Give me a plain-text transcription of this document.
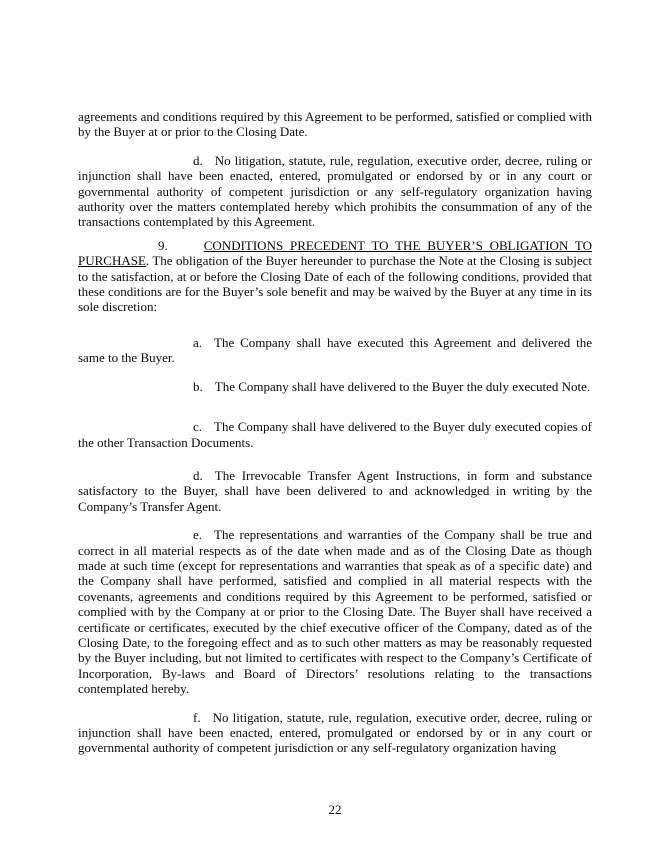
agreements and conditions required by this Agreement to be performed, satisfied or complied with by the Buyer at or prior to the Closing Date.

d. No litigation, statute, rule, regulation, executive order, decree, ruling or injunction shall have been enacted, entered, promulgated or endorsed by or in any court or governmental authority of competent jurisdiction or any self-regulatory organization having authority over the matters contemplated hereby which prohibits the consummation of any of the transactions contemplated by this Agreement.

9.	CONDITIONS PRECEDENT TO THE BUYER’S OBLIGATION TO PURCHASE. The obligation of the Buyer hereunder to purchase the Note at the Closing is subject to the satisfaction, at or before the Closing Date of each of the following conditions, provided that these conditions are for the Buyer’s sole benefit and may be waived by the Buyer at any time in its sole discretion:

a. The Company shall have executed this Agreement and delivered the same to the Buyer.

b. The Company shall have delivered to the Buyer the duly executed Note.

c. The Company shall have delivered to the Buyer duly executed copies of the other Transaction Documents.

d. The Irrevocable Transfer Agent Instructions, in form and substance satisfactory to the Buyer, shall have been delivered to and acknowledged in writing by the Company’s Transfer Agent.

e. The representations and warranties of the Company shall be true and correct in all material respects as of the date when made and as of the Closing Date as though made at such time (except for representations and warranties that speak as of a specific date) and the Company shall have performed, satisfied and complied in all material respects with the covenants, agreements and conditions required by this Agreement to be performed, satisfied or complied with by the Company at or prior to the Closing Date. The Buyer shall have received a certificate or certificates, executed by the chief executive officer of the Company, dated as of the Closing Date, to the foregoing effect and as to such other matters as may be reasonably requested by the Buyer including, but not limited to certificates with respect to the Company’s Certificate of Incorporation, By-laws and Board of Directors’ resolutions relating to the transactions contemplated hereby.

f. No litigation, statute, rule, regulation, executive order, decree, ruling or injunction shall have been enacted, entered, promulgated or endorsed by or in any court or governmental authority of competent jurisdiction or any self-regulatory organization having

22
